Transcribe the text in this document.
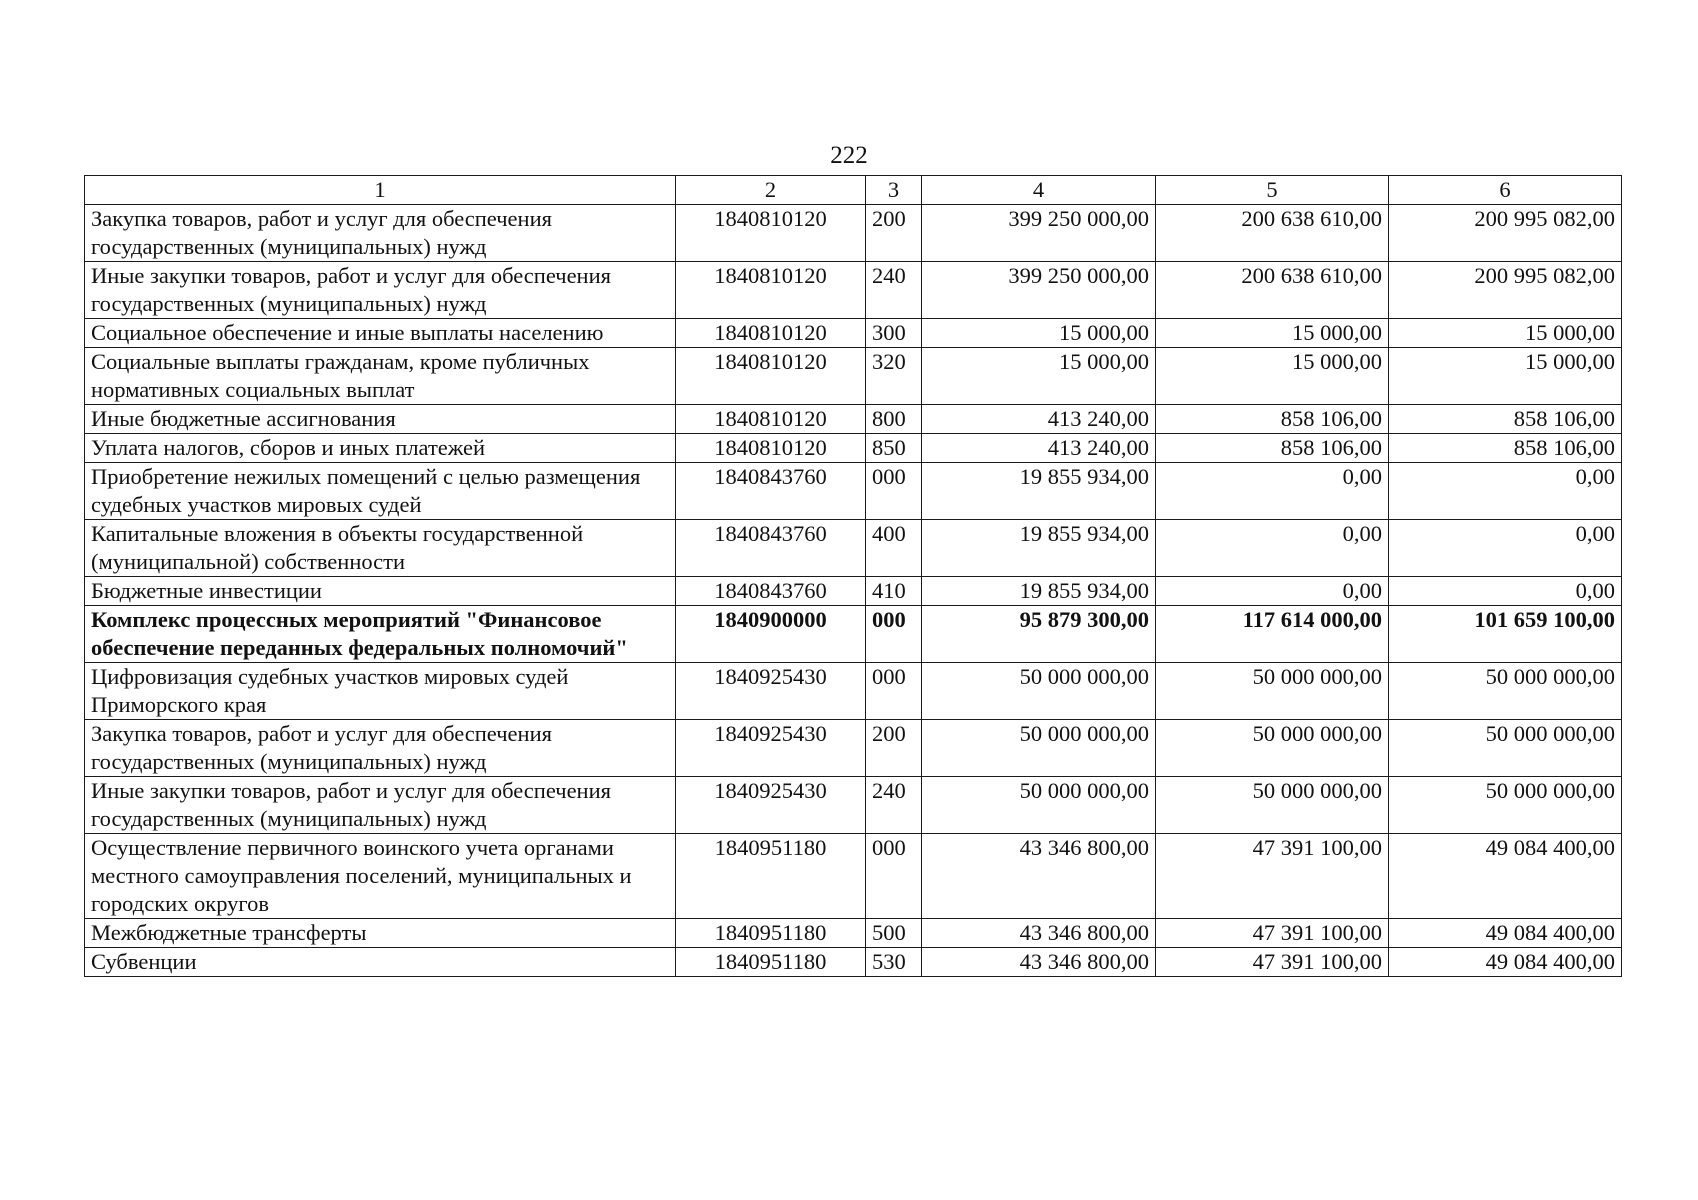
222
1	2	3	4	5	6
Закупка товаров, работ и услуг для обеспечения государственных (муниципальных) нужд	1840810120	200	399 250 000,00	200 638 610,00	200 995 082,00
Иные закупки товаров, работ и услуг для обеспечения государственных (муниципальных) нужд	1840810120	240	399 250 000,00	200 638 610,00	200 995 082,00
Социальное обеспечение и иные выплаты населению	1840810120	300	15 000,00	15 000,00	15 000,00
Социальные выплаты гражданам, кроме публичных нормативных социальных выплат	1840810120	320	15 000,00	15 000,00	15 000,00
Иные бюджетные ассигнования	1840810120	800	413 240,00	858 106,00	858 106,00
Уплата налогов, сборов и иных платежей	1840810120	850	413 240,00	858 106,00	858 106,00
Приобретение нежилых помещений с целью размещения судебных участков мировых судей	1840843760	000	19 855 934,00	0,00	0,00
Капитальные вложения в объекты государственной (муниципальной) собственности	1840843760	400	19 855 934,00	0,00	0,00
Бюджетные инвестиции	1840843760	410	19 855 934,00	0,00	0,00
Комплекс процессных мероприятий "Финансовое обеспечение переданных федеральных полномочий"	1840900000	000	95 879 300,00	117 614 000,00	101 659 100,00
Цифровизация судебных участков мировых судей Приморского края	1840925430	000	50 000 000,00	50 000 000,00	50 000 000,00
Закупка товаров, работ и услуг для обеспечения государственных (муниципальных) нужд	1840925430	200	50 000 000,00	50 000 000,00	50 000 000,00
Иные закупки товаров, работ и услуг для обеспечения государственных (муниципальных) нужд	1840925430	240	50 000 000,00	50 000 000,00	50 000 000,00
Осуществление первичного воинского учета органами местного самоуправления поселений, муниципальных и городских округов	1840951180	000	43 346 800,00	47 391 100,00	49 084 400,00
Межбюджетные трансферты	1840951180	500	43 346 800,00	47 391 100,00	49 084 400,00
Субвенции	1840951180	530	43 346 800,00	47 391 100,00	49 084 400,00
